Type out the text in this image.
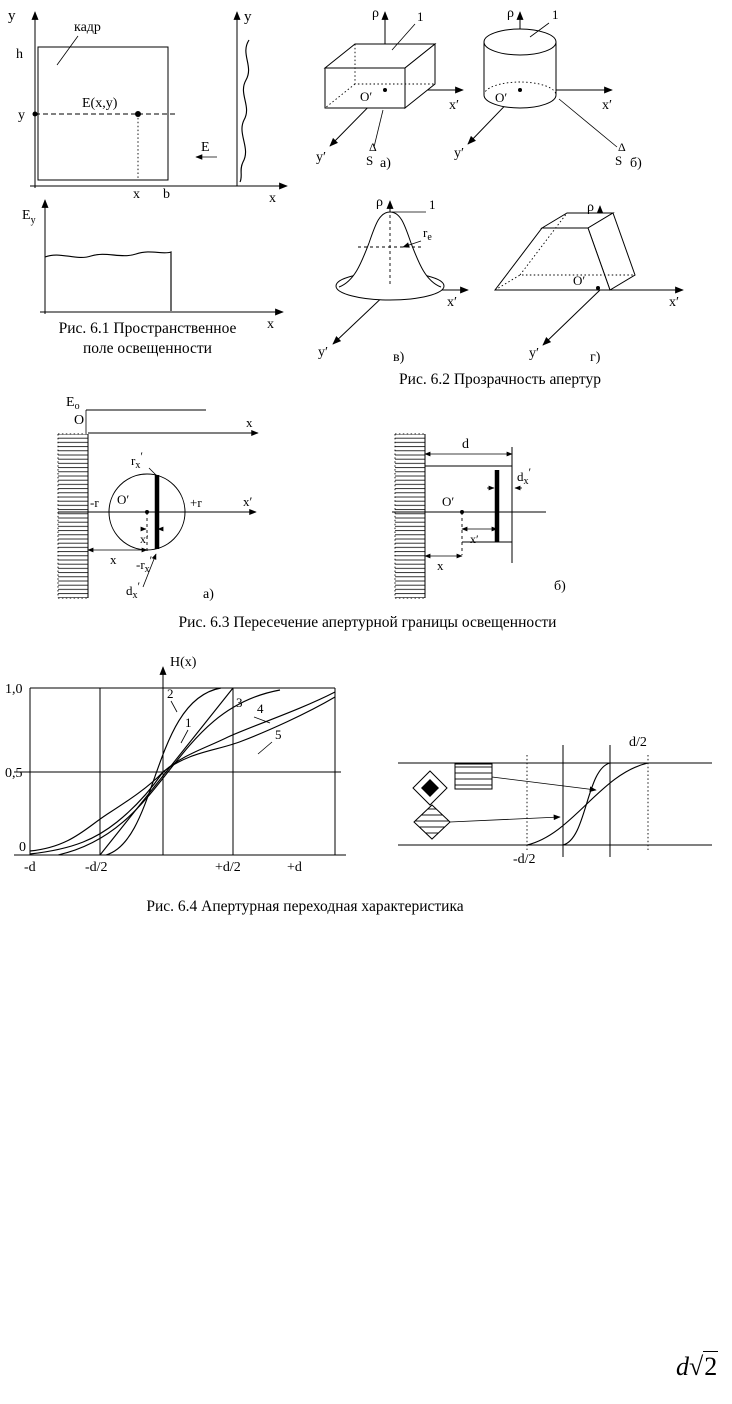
y
h
кадр
E(x,y)
y
x b	x
y
E
$E_y$
x
Рис. 6.1 Пространственное
поле освещенности
ρ	1
x′
y′
О′
Δ
S а)
ρ	1
x′
y′
О′
Δ
S б)
ρ	1
$r_e$
x′
y′	в)
ρ
x′
y′
О′
г)
Рис. 6.2 Прозрачность апертур
$E_o$
О	x
x′
$r_x'$
-r	+r
О′
x′
x $-r_x'$
$d_x'$
а)
d
$d_x'$
О′
x′
x
б)
Рис. 6.3 Пересечение апертурной границы освещенности
H(x)
1,0
0,5
0
-d	-d/2	+d/2	+d
2
1
3 4
5
d/2
-d/2
Рис. 6.4 Апертурная переходная характеристика
d√2
